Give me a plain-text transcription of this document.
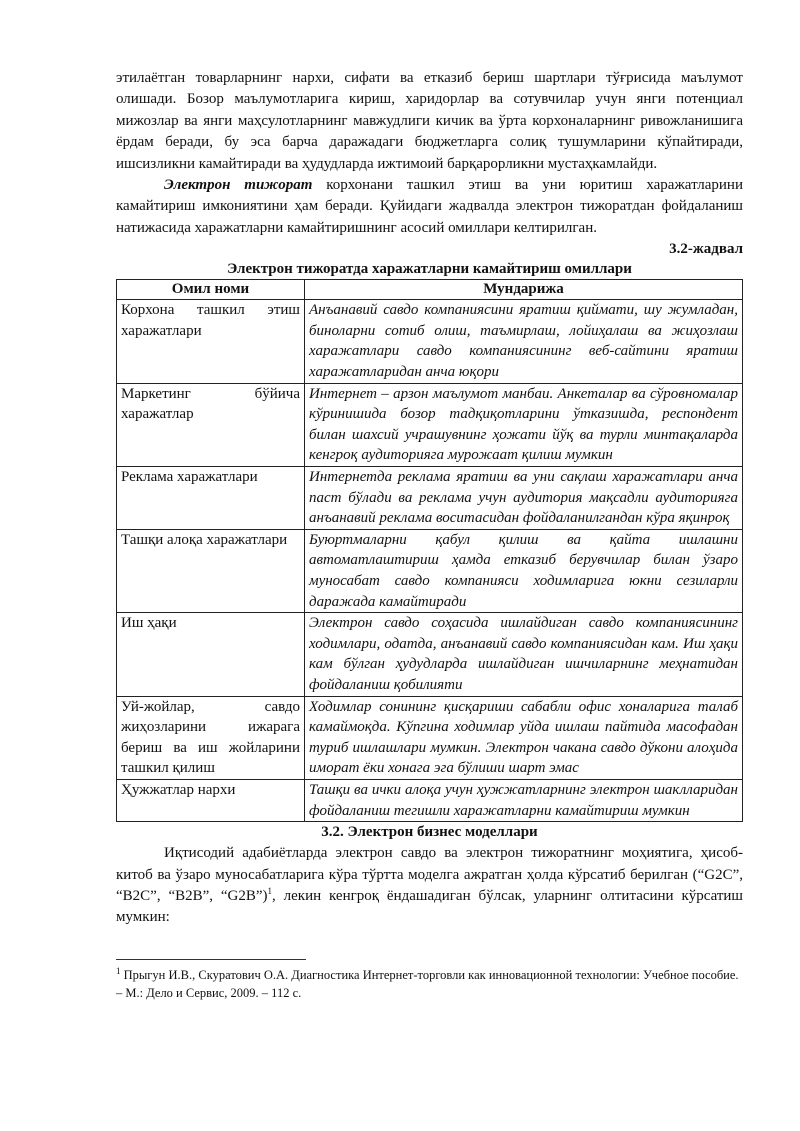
этилаётган товарларнинг нархи, сифати ва етказиб бериш шартлари тўғрисида маълумот олишади. Бозор маълумотларига кириш, харидорлар ва сотувчилар учун янги потенциал мижозлар ва янги маҳсулотларнинг мавжудлиги кичик ва ўрта корхоналарнинг ривожланишига ёрдам беради, бу эса барча даражадаги бюджетларга солиқ тушумларини кўпайтиради, ишсизликни камайтиради ва ҳудудларда ижтимоий барқарорликни мустаҳкамлайди.

Электрон тижорат корхонани ташкил этиш ва уни юритиш харажатларини камайтириш имкониятини ҳам беради. Қуйидаги жадвалда электрон тижоратдан фойдаланиш натижасида харажатларни камайтиришнинг асосий омиллари келтирилган.

3.2-жадвал
Электрон тижоратда харажатларни камайтириш омиллари
Омил номи	Мундарижа
Корхона ташкил этиш харажатлари	Анъанавий савдо компаниясини яратиш қиймати, шу жумладан, биноларни сотиб олиш, таъмирлаш, лойиҳалаш ва жиҳозлаш харажатлари савдо компаниясининг веб-сайтини яратиш харажатларидан анча юқори
Маркетинг бўйича харажатлар	Интернет – арзон маълумот манбаи. Анкеталар ва сўровномалар кўринишида бозор тадқиқотларини ўтказишда, респондент билан шахсий учрашувнинг ҳожати йўқ ва турли минтақаларда кенгроқ аудиторияга мурожаат қилиш мумкин
Реклама харажатлари	Интернетда реклама яратиш ва уни сақлаш харажатлари анча паст бўлади ва реклама учун аудитория мақсадли аудиторияга анъанавий реклама воситасидан фойдаланилгандан кўра яқинроқ
Ташқи алоқа харажатлари	Буюртмаларни қабул қилиш ва қайта ишлашни автоматлаштириш ҳамда етказиб берувчилар билан ўзаро муносабат савдо компанияси ходимларига юкни сезиларли даражада камайтиради
Иш ҳақи	Электрон савдо соҳасида ишлайдиган савдо компаниясининг ходимлари, одатда, анъанавий савдо компаниясидан кам. Иш ҳақи кам бўлган ҳудудларда ишлайдиган ишчиларнинг меҳнатидан фойдаланиш қобилияти
Уй-жойлар, савдо жиҳозларини ижарага бериш ва иш жойларини ташкил қилиш	Ходимлар сонининг қисқариши сабабли офис хоналарига талаб камаймоқда. Кўпгина ходимлар уйда ишлаш пайтида масофадан туриб ишлашлари мумкин. Электрон чакана савдо дўкони алоҳида иморат ёки хонага эга бўлиши шарт эмас
Ҳужжатлар нархи	Ташқи ва ички алоқа учун ҳужжатларнинг электрон шаклларидан фойдаланиш тегишли харажатларни камайтириш мумкин
3.2. Электрон бизнес моделлари

Иқтисодий адабиётларда электрон савдо ва электрон тижоратнинг моҳиятига, ҳисоб-китоб ва ўзаро муносабатларига кўра тўртта моделга ажратган ҳолда кўрсатиб берилган (“G2C”, “B2C”, “B2B”, “G2B”)$^1$, лекин кенгроқ ёндашадиган бўлсак, уларнинг олтитасини кўрсатиш мумкин:

$^1$ Прыгун И.В., Скуратович О.А. Диагностика Интернет-торговли как инновационной технологии: Учебное пособие. – М.: Дело и Сервис, 2009. – 112 с.
